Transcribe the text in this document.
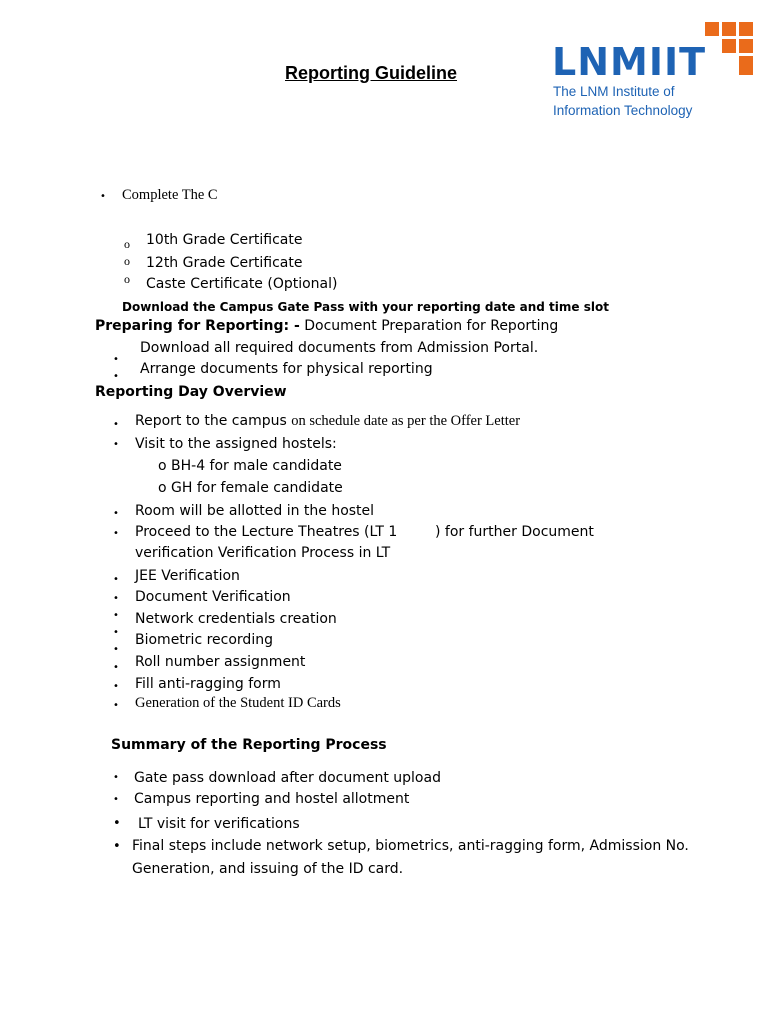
Reporting Guideline LNMIIT
The LNM Institute of
Information Technology
• Complete The C
o 10th Grade Certificate
o 12th Grade Certificate
o Caste Certificate (Optional)
Download the Campus Gate Pass with your reporting date and time slot
Preparing for Reporting: - Document Preparation for Reporting
•
Download all required documents from Admission Portal.
• Arrange documents for physical reporting
Reporting Day Overview
• Report to the campus on schedule date as per the Offer Letter
• Visit to the assigned hostels:
o BH-4 for male candidate
o GH for female candidate
• Room will be allotted in the hostel
• Proceed to the Lecture Theatres (LT 1	) for further Document
verification Verification Process in LT
• JEE Verification
• Document Verification
• Network credentials creation
• Biometric recording
•
Roll number assignment
•
Fill anti-ragging form
•
• Generation of the Student ID Cards
Summary of the Reporting Process
• Gate pass download after document upload
• Campus reporting and hostel allotment
• LT visit for verifications
• Final steps include network setup, biometrics, anti-ragging form, Admission No.
Generation, and issuing of the ID card.
